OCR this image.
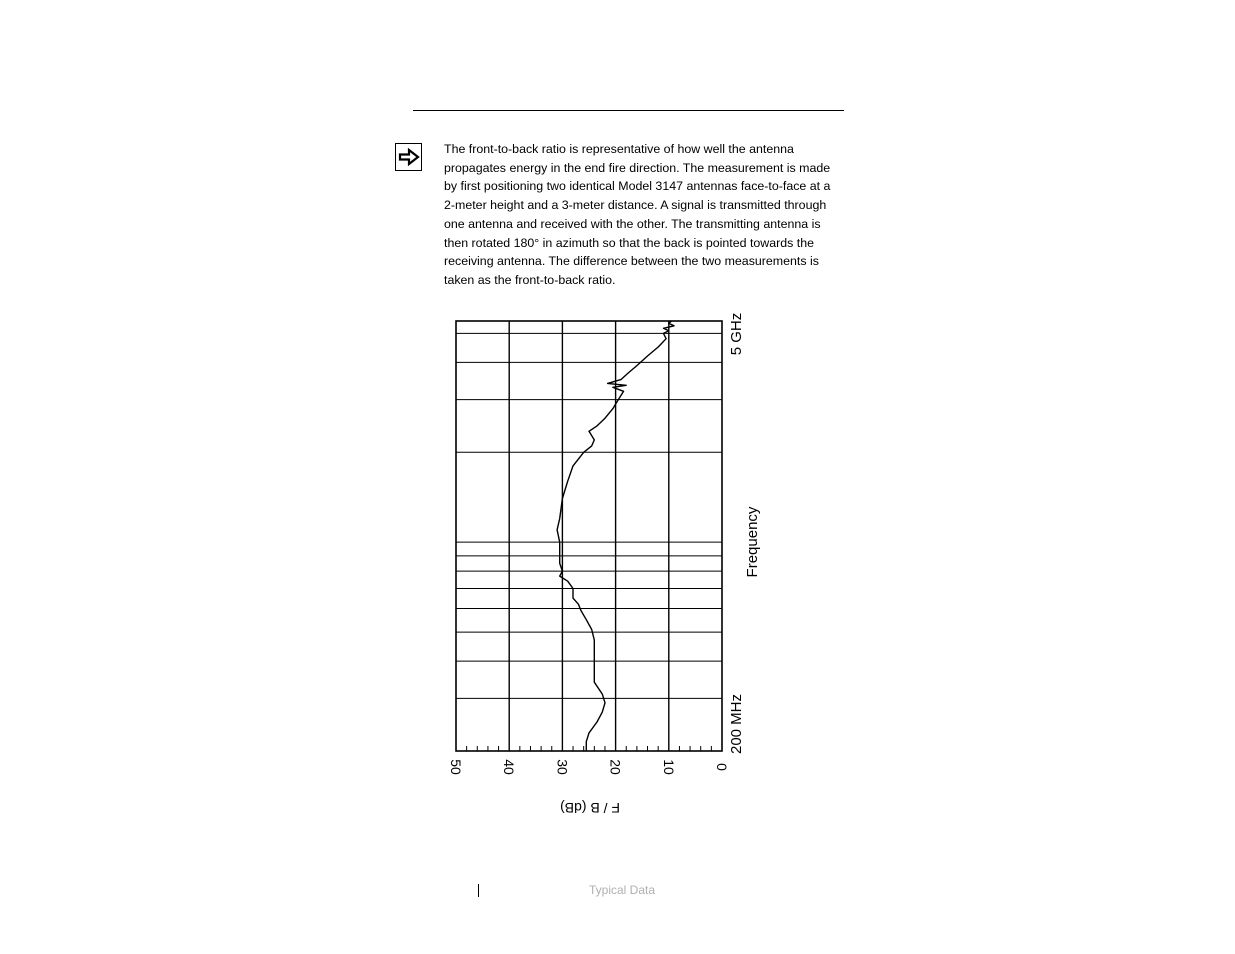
The front-to-back ratio is representative of how well the antenna propagates energy in the end fire direction. The measurement is made by first positioning two identical Model 3147 antennas face-to-face at a 2-meter height and a 3-meter distance. A signal is transmitted through one antenna and received with the other. The transmitting antenna is then rotated 180° in azimuth so that the back is pointed towards the receiving antenna. The difference between the two measurements is taken as the front-to-back ratio.

50	40	30	20	10	0
F / B (dB)
Frequency
200 MHz
5 GHz
Typical Data
